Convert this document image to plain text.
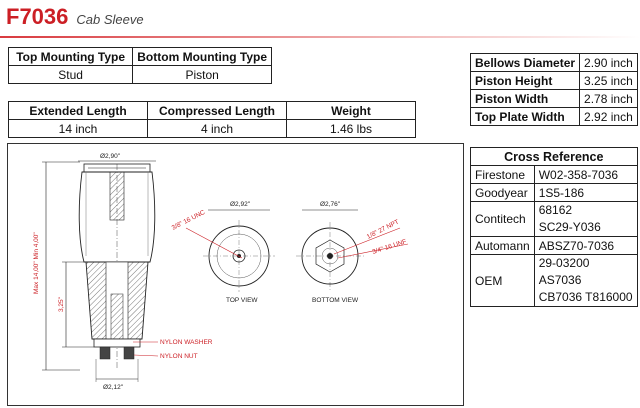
F7036 Cab Sleeve
Top Mounting Type	Bottom Mounting Type
Stud	Piston
Extended Length	Compressed Length	Weight
14 inch	4 inch	1.46 lbs
Bellows Diameter	2.90 inch
Piston Height	3.25 inch
Piston Width	2.78 inch
Top Plate Width	2.92 inch
Cross Reference	
Firestone	W02-358-7036
Goodyear	1S5-186
Contitech	68162
SC29-Y036

Automann	ABSZ70-7036
OEM	29-03200
AS7036
CB7036 T816000
Max 14,00" Min 4,00"
Ø2,90"
3,25"
Ø2,12"
NYLON WASHER
NYLON NUT
Ø2,92"
3/8" 16 UNC
TOP VIEW
Ø2,76"
1/8" 27 NPT
3/4" 16 UNF
BOTTOM VIEW
